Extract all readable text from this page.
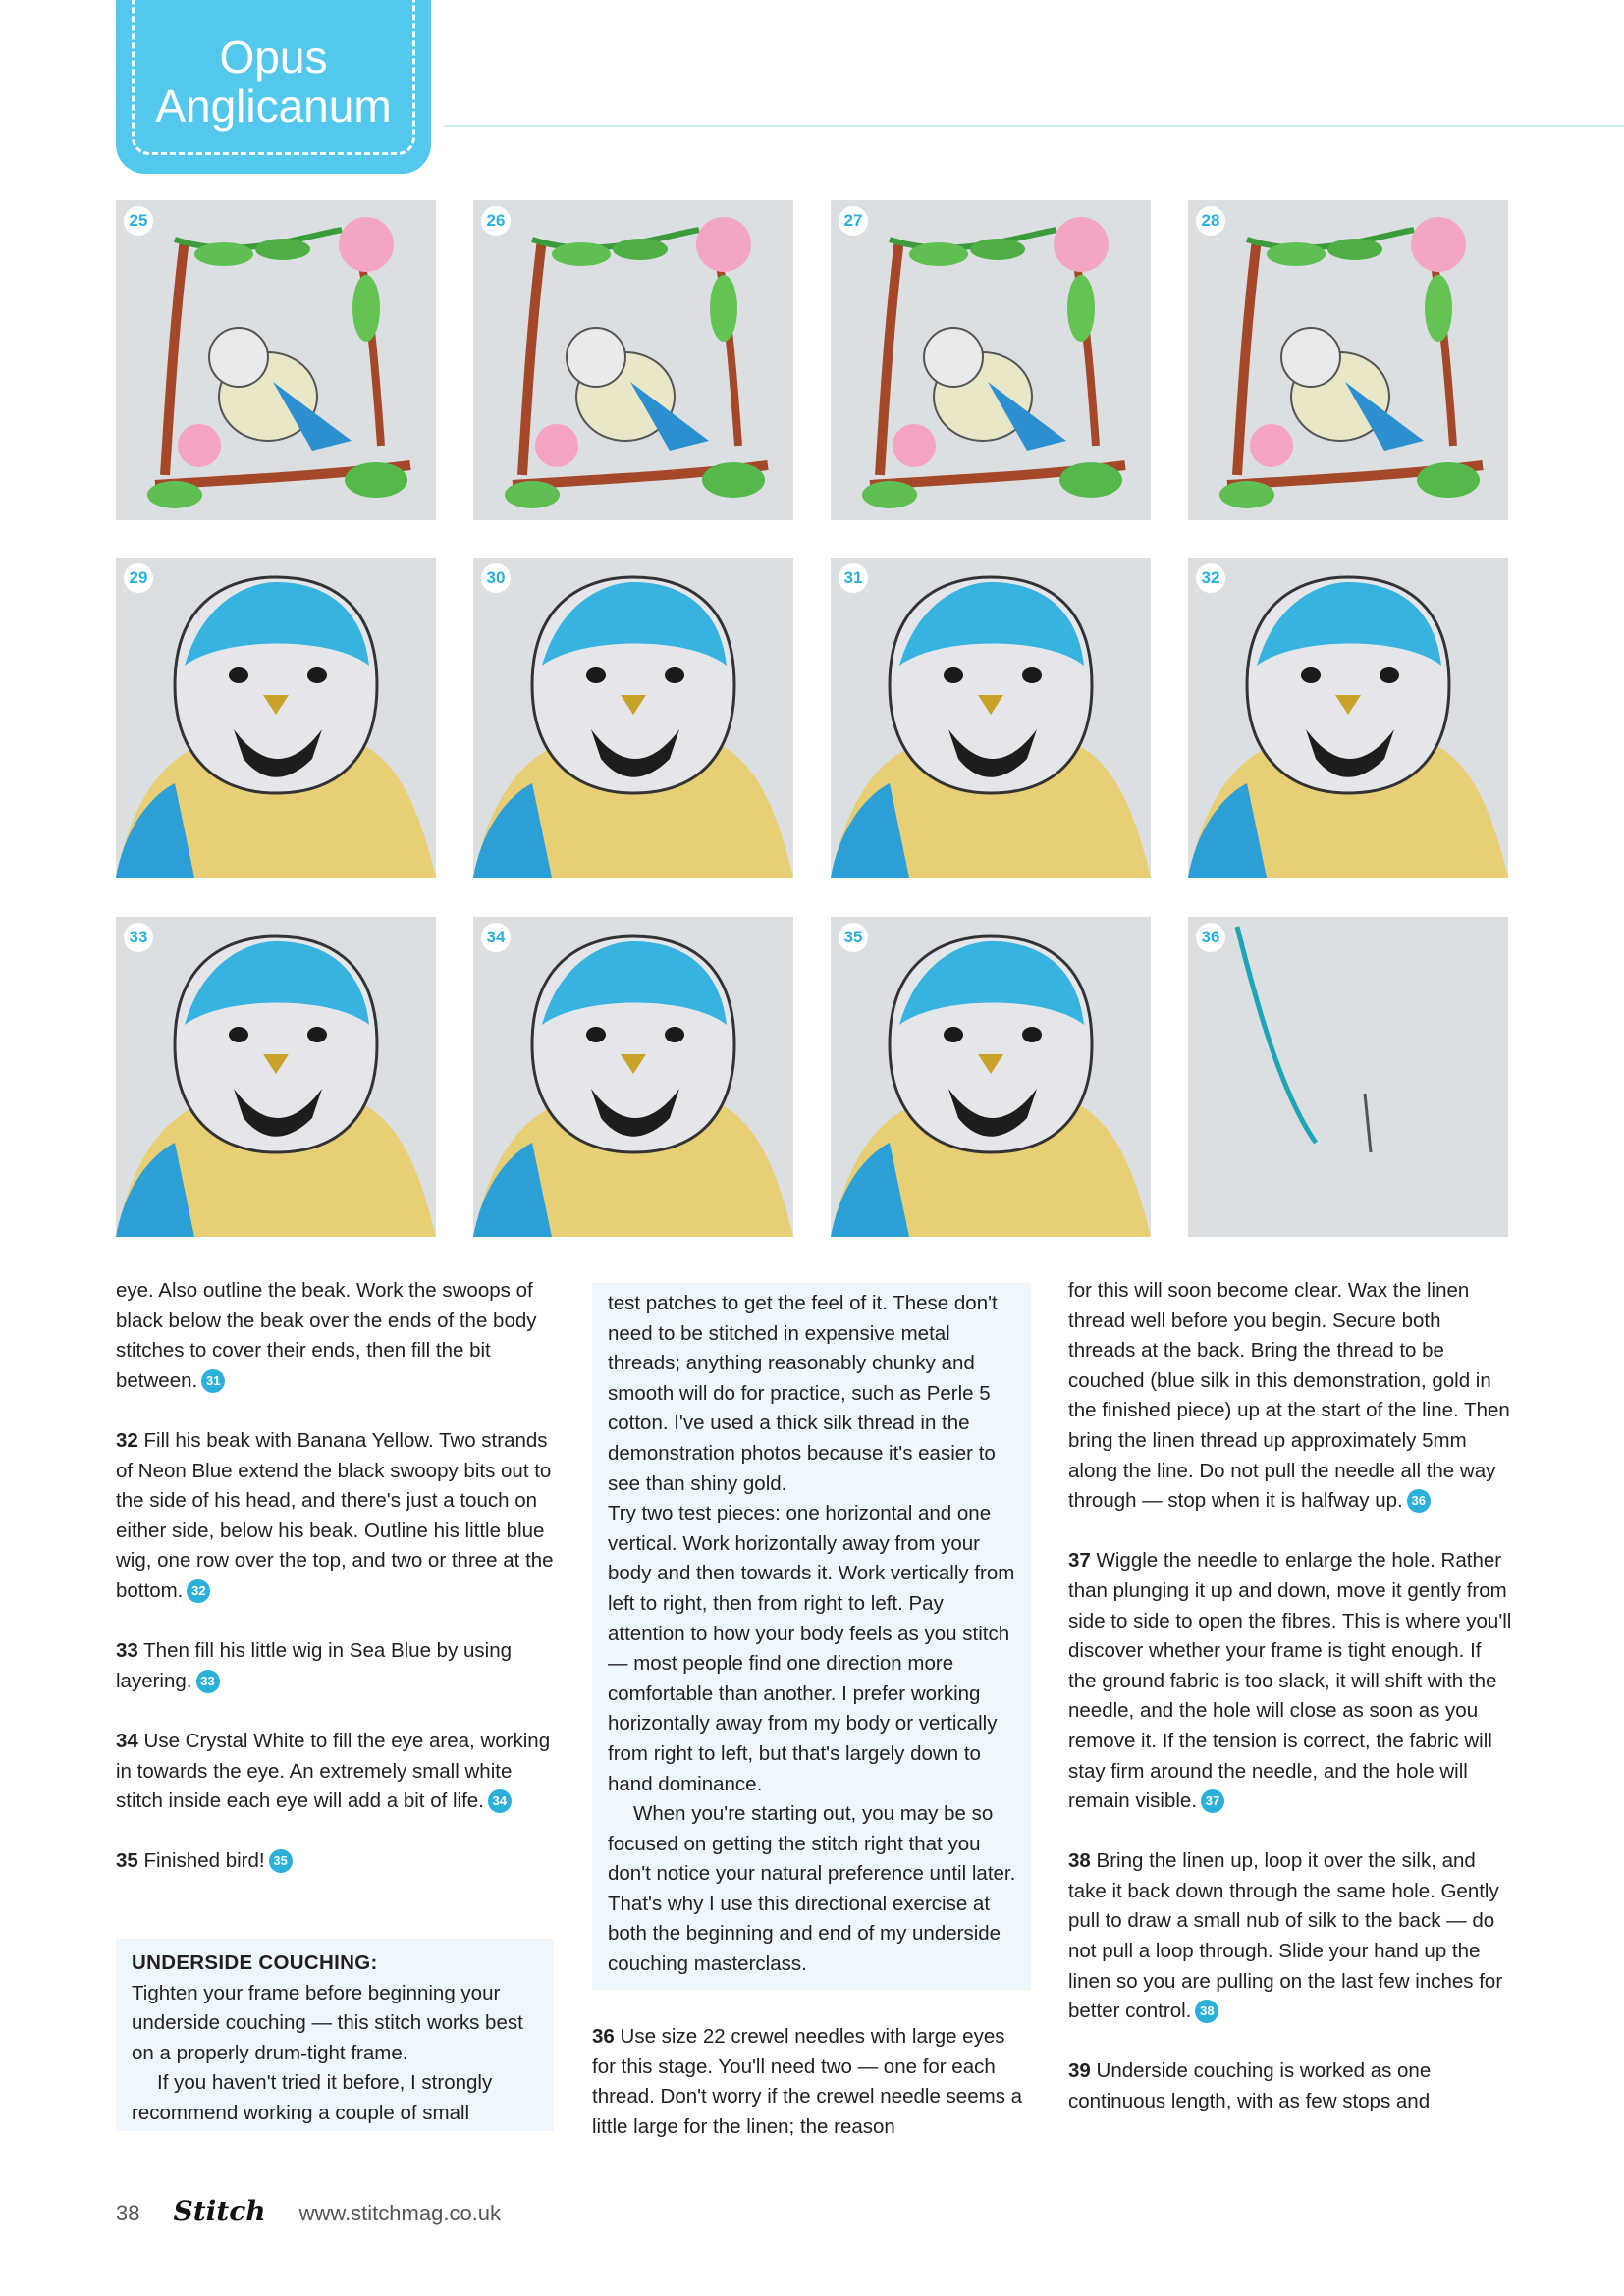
Opus
Anglicanum
25	26	27	28
29	30	31	32
33	34	35	36

eye. Also outline the beak. Work the swoops of black below the beak over the ends of the body stitches to cover their ends, then fill the bit between. 31

32 Fill his beak with Banana Yellow. Two strands of Neon Blue extend the black swoopy bits out to the side of his head, and there's just a touch on either side, below his beak. Outline his little blue wig, one row over the top, and two or three at the bottom. 32

33 Then fill his little wig in Sea Blue by using layering. 33

34 Use Crystal White to fill the eye area, working in towards the eye. An extremely small white stitch inside each eye will add a bit of life. 34

35 Finished bird! 35

UNDERSIDE COUCHING:

Tighten your frame before beginning your underside couching — this stitch works best on a properly drum-tight frame.

If you haven't tried it before, I strongly recommend working a couple of small

test patches to get the feel of it. These don't need to be stitched in expensive metal threads; anything reasonably chunky and smooth will do for practice, such as Perle 5 cotton. I've used a thick silk thread in the demonstration photos because it's easier to see than shiny gold.

Try two test pieces: one horizontal and one vertical. Work horizontally away from your body and then towards it. Work vertically from left to right, then from right to left. Pay attention to how your body feels as you stitch — most people find one direction more comfortable than another. I prefer working horizontally away from my body or vertically from right to left, but that's largely down to hand dominance.

When you're starting out, you may be so focused on getting the stitch right that you don't notice your natural preference until later. That's why I use this directional exercise at both the beginning and end of my underside couching masterclass.

36 Use size 22 crewel needles with large eyes for this stage. You'll need two — one for each thread. Don't worry if the crewel needle seems a little large for the linen; the reason

for this will soon become clear. Wax the linen thread well before you begin. Secure both threads at the back. Bring the thread to be couched (blue silk in this demonstration, gold in the finished piece) up at the start of the line. Then bring the linen thread up approximately 5mm along the line. Do not pull the needle all the way through — stop when it is halfway up. 36

37 Wiggle the needle to enlarge the hole. Rather than plunging it up and down, move it gently from side to side to open the fibres. This is where you'll discover whether your frame is tight enough. If the ground fabric is too slack, it will shift with the needle, and the hole will close as soon as you remove it. If the tension is correct, the fabric will stay firm around the needle, and the hole will remain visible. 37

38 Bring the linen up, loop it over the silk, and take it back down through the same hole. Gently pull to draw a small nub of silk to the back — do not pull a loop through. Slide your hand up the linen so you are pulling on the last few inches for better control. 38

39 Underside couching is worked as one continuous length, with as few stops and

38 Stitch www.stitchmag.co.uk
